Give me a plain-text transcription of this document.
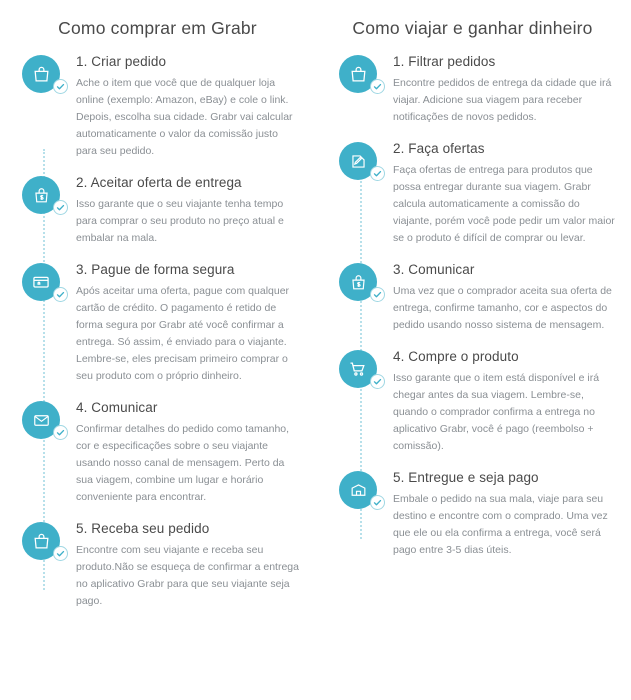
Como comprar em Grabr
1. Criar pedido

Ache o item que você que de qualquer loja online (exemplo: Amazon, eBay) e cole o link. Depois, escolha sua cidade. Grabr vai calcular automaticamente o valor da comissão justo para seu pedido.

2. Aceitar oferta de entrega

Isso garante que o seu viajante tenha tempo para comprar o seu produto no preço atual e embalar na mala.

3. Pague de forma segura

Após aceitar uma oferta, pague com qualquer cartão de crédito. O pagamento é retido de forma segura por Grabr até você confirmar a entrega. Só assim, é enviado para o viajante. Lembre-se, eles precisam primeiro comprar o seu produto com o próprio dinheiro.

4. Comunicar

Confirmar detalhes do pedido como tamanho, cor e especificações sobre o seu viajante usando nosso canal de mensagem. Perto da sua viagem, combine um lugar e horário conveniente para encontrar.

5. Receba seu pedido

Encontre com seu viajante e receba seu produto.Não se esqueça de confirmar a entrega no aplicativo Grabr para que seu viajante seja pago.

Como viajar e ganhar dinheiro
1. Filtrar pedidos

Encontre pedidos de entrega da cidade que irá viajar. Adicione sua viagem para receber notificações de novos pedidos.

2. Faça ofertas

Faça ofertas de entrega para produtos que possa entregar durante sua viagem. Grabr calcula automaticamente a comissão do viajante, porém você pode pedir um valor maior se o produto é difícil de comprar ou levar.

3. Comunicar

Uma vez que o comprador aceita sua oferta de entrega, confirme tamanho, cor e aspectos do pedido usando nosso sistema de mensagem.

4. Compre o produto

Isso garante que o item está disponível e irá chegar antes da sua viagem. Lembre-se, quando o comprador confirma a entrega no aplicativo Grabr, você é pago (reembolso + comissão).

5. Entregue e seja pago

Embale o pedido na sua mala, viaje para seu destino e encontre com o comprado. Uma vez que ele ou ela confirma a entrega, você será pago entre 3-5 dias úteis.
